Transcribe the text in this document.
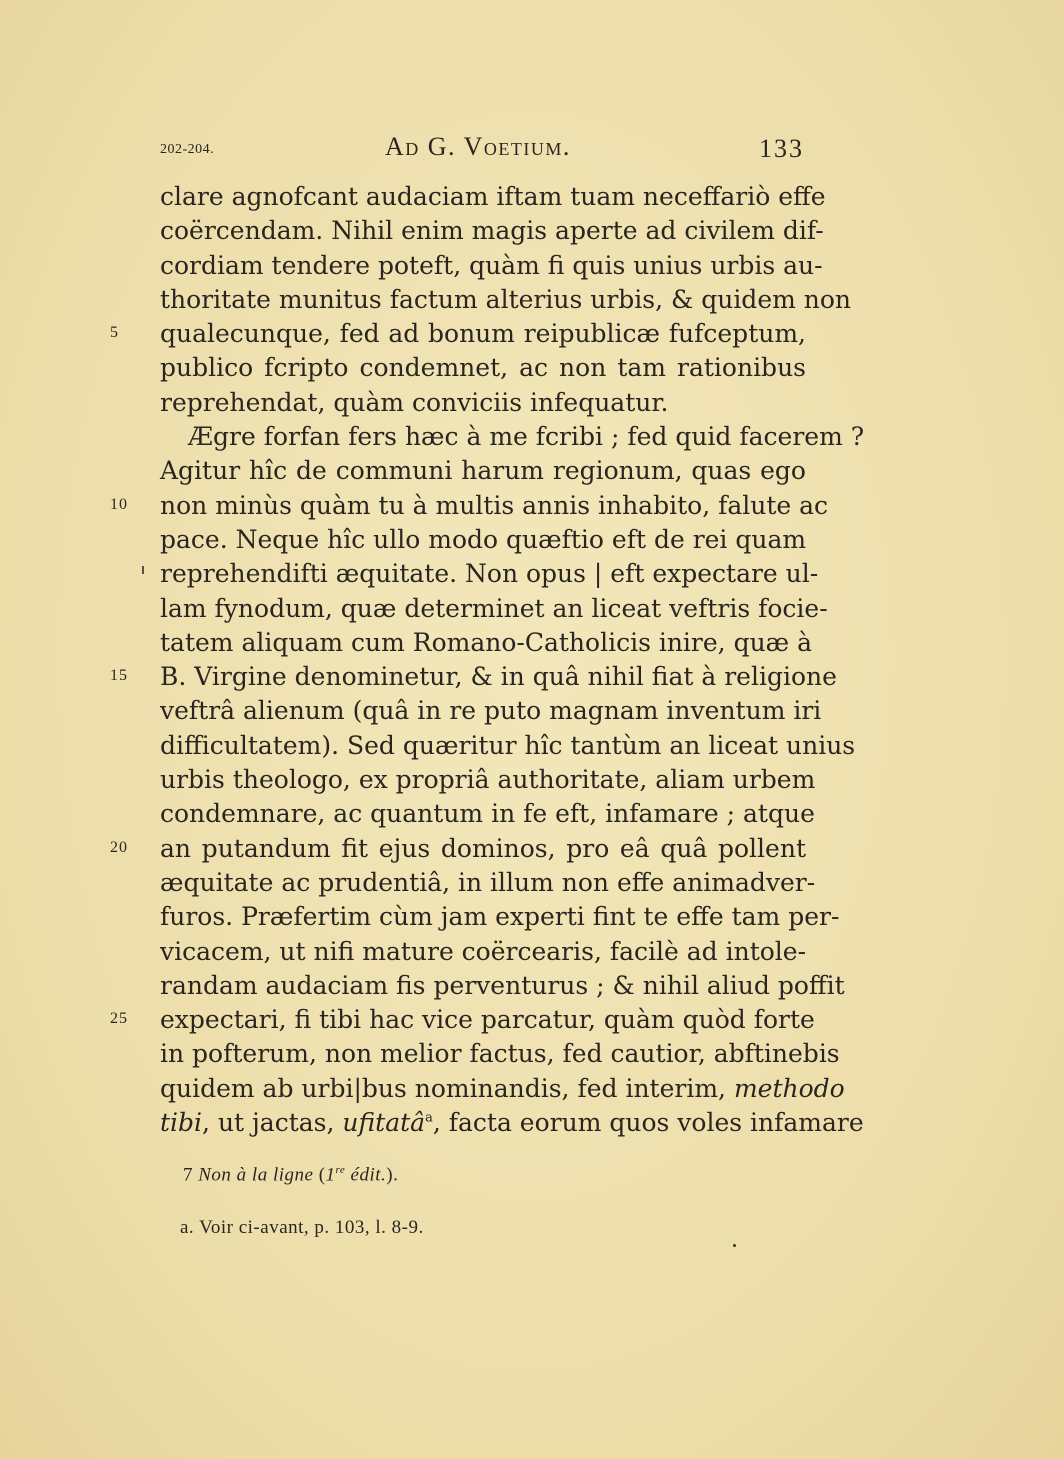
202-204.	Ad G. Voetium.	133
clare agnofcant audaciam iftam tuam neceffariò effe
coërcendam. Nihil enim magis aperte ad civilem dif-
cordiam tendere poteft, quàm fi quis unius urbis au-
thoritate munitus factum alterius urbis, & quidem non
qualecunque, fed ad bonum reipublicæ fufceptum,
publico fcripto condemnet, ac non tam rationibus
reprehendat, quàm conviciis infequatur.
Ægre forfan fers hæc à me fcribi ; fed quid facerem ?
Agitur hîc de communi harum regionum, quas ego
non minùs quàm tu à multis annis inhabito, falute ac
pace. Neque hîc ullo modo quæftio eft de rei quam
reprehendifti æquitate. Non opus | eft expectare ul-
lam fynodum, quæ determinet an liceat veftris focie-
tatem aliquam cum Romano-Catholicis inire, quæ à
B. Virgine denominetur, & in quâ nihil fiat à religione
veftrâ alienum (quâ in re puto magnam inventum iri
difficultatem). Sed quæritur hîc tantùm an liceat unius
urbis theologo, ex propriâ authoritate, aliam urbem
condemnare, ac quantum in fe eft, infamare ; atque
an putandum fit ejus dominos, pro eâ quâ pollent
æquitate ac prudentiâ, in illum non effe animadver-
furos. Præfertim cùm jam experti fint te effe tam per-
vicacem, ut nifi mature coërcearis, facilè ad intole-
randam audaciam fis perventurus ; & nihil aliud poffit
expectari, fi tibi hac vice parcatur, quàm quòd forte
in pofterum, non melior factus, fed cautior, abftinebis
quidem ab urbi|bus nominandis, fed interim, methodo
tibi, ut jactas, ufitatâ$^a$, facta eorum quos voles infamare
5
10
15
20
25
7 Non à la ligne (1re édit.).
a. Voir ci-avant, p. 103, l. 8-9.
